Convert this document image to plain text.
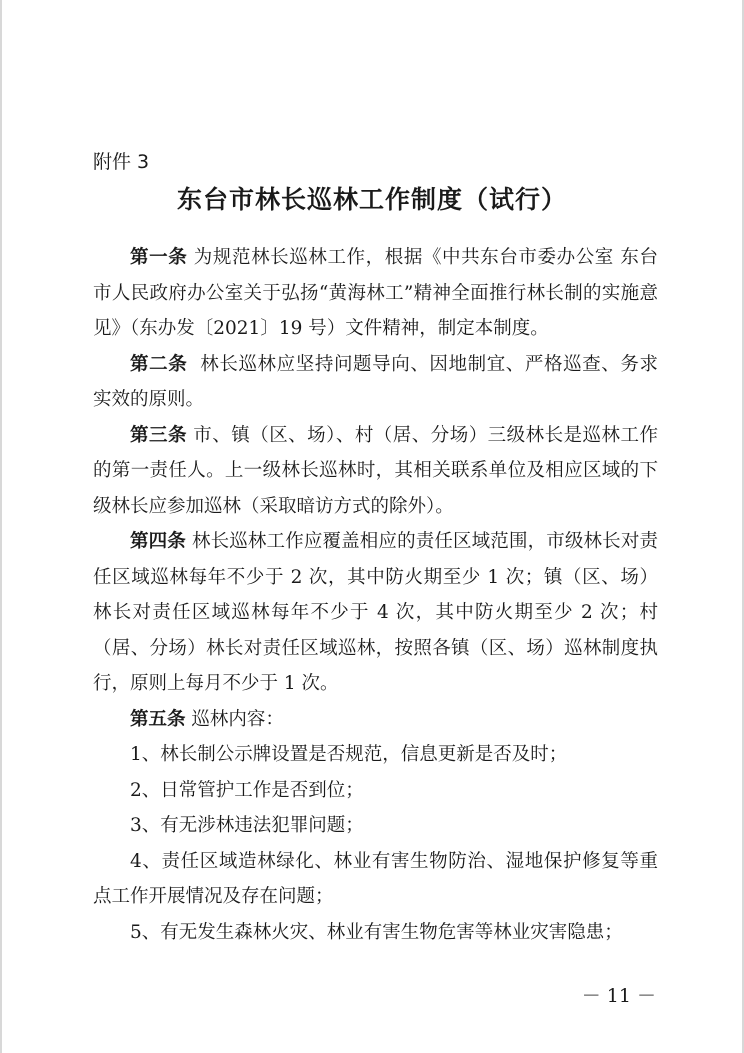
附件 3
东台市林长巡林工作制度（试行）

第一条 为规范林长巡林工作，根据《中共东台市委办公室 东台市人民政府办公室关于弘扬“黄海林工”精神全面推行林长制的实施意见》（东办发〔2021〕19 号）文件精神，制定本制度。

第二条 林长巡林应坚持问题导向、因地制宜、严格巡查、务求实效的原则。

第三条 市、镇（区、场）、村（居、分场）三级林长是巡林工作的第一责任人。上一级林长巡林时，其相关联系单位及相应区域的下级林长应参加巡林（采取暗访方式的除外）。

第四条 林长巡林工作应覆盖相应的责任区域范围，市级林长对责任区域巡林每年不少于 2 次，其中防火期至少 1 次；镇（区、场）林长对责任区域巡林每年不少于 4 次，其中防火期至少 2 次；村（居、分场）林长对责任区域巡林，按照各镇（区、场）巡林制度执行，原则上每月不少于 1 次。

第五条 巡林内容：

1、林长制公示牌设置是否规范，信息更新是否及时；

2、日常管护工作是否到位；

3、有无涉林违法犯罪问题；

4、责任区域造林绿化、林业有害生物防治、湿地保护修复等重点工作开展情况及存在问题；

5、有无发生森林火灾、林业有害生物危害等林业灾害隐患；

－ 11 －
